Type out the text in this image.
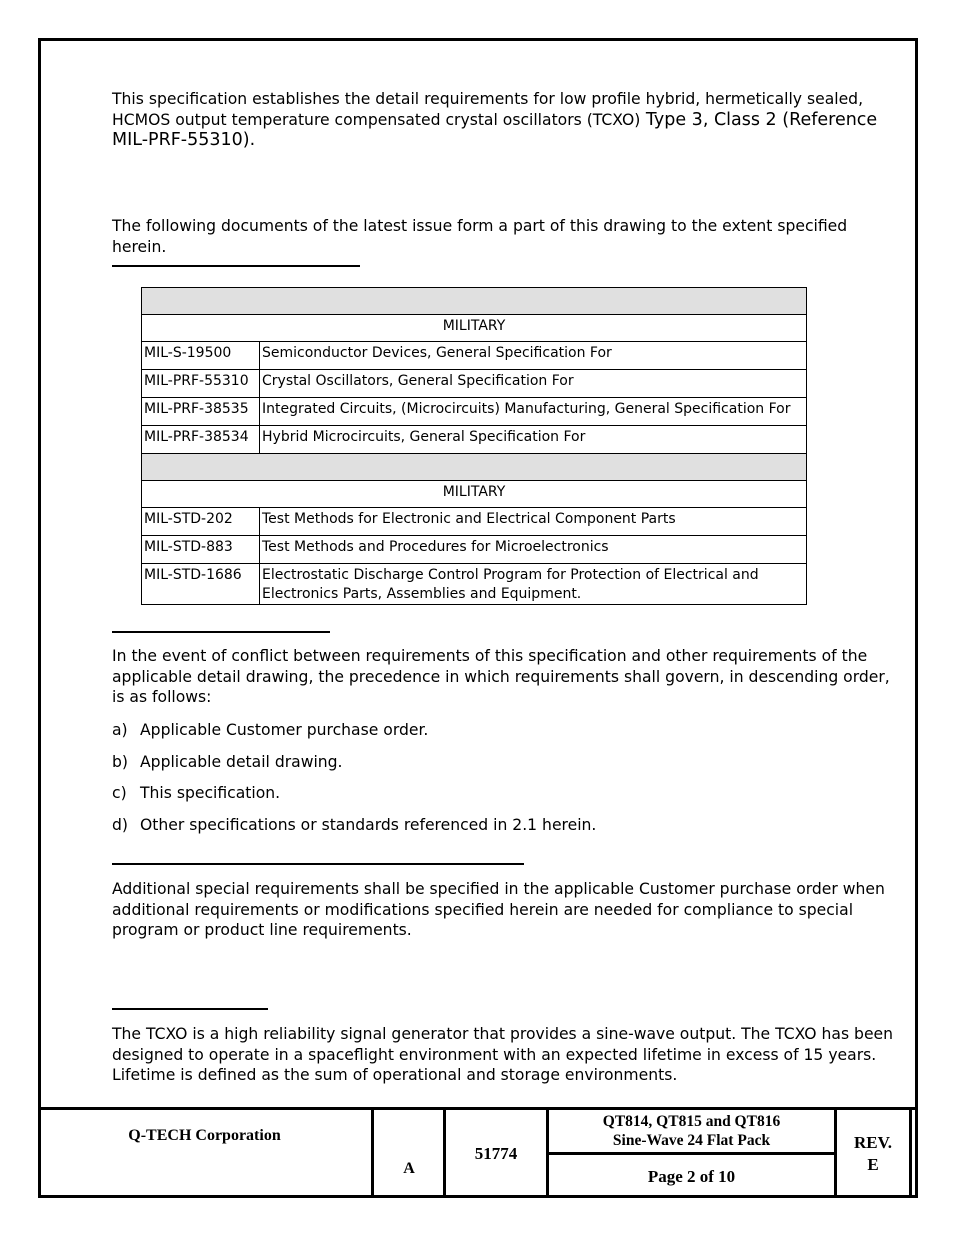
This specification establishes the detail requirements for low profile hybrid, hermetically sealed, HCMOS output temperature compensated crystal oscillators (TCXO) Type 3, Class 2 (Reference MIL-PRF-55310).

The following documents of the latest issue form a part of this drawing to the extent specified herein.

MILITARY	
MIL-S-19500	Semiconductor Devices, General Specification For
MIL-PRF-55310	Crystal Oscillators, General Specification For
MIL-PRF-38535	Integrated Circuits, (Microcircuits) Manufacturing, General Specification For
MIL-PRF-38534	Hybrid Microcircuits, General Specification For

MILITARY	
MIL-STD-202	Test Methods for Electronic and Electrical Component Parts
MIL-STD-883	Test Methods and Procedures for Microelectronics
MIL-STD-1686	Electrostatic Discharge Control Program for Protection of Electrical and Electronics Parts, Assemblies and Equipment.

In the event of conflict between requirements of this specification and other requirements of the applicable detail drawing, the precedence in which requirements shall govern, in descending order, is as follows:

a) Applicable Customer purchase order.
b) Applicable detail drawing.
c) This specification.
d) Other specifications or standards referenced in 2.1 herein.

Additional special requirements shall be specified in the applicable Customer purchase order when additional requirements or modifications specified herein are needed for compliance to special program or product line requirements.

The TCXO is a high reliability signal generator that provides a sine-wave output. The TCXO has been designed to operate in a spaceflight environment with an expected lifetime in excess of 15 years. Lifetime is defined as the sum of operational and storage environments.

Q-TECH Corporation
A
51774
QT814, QT815 and QT816
Sine-Wave 24 Flat Pack
Page 2 of 10
REV.
E
